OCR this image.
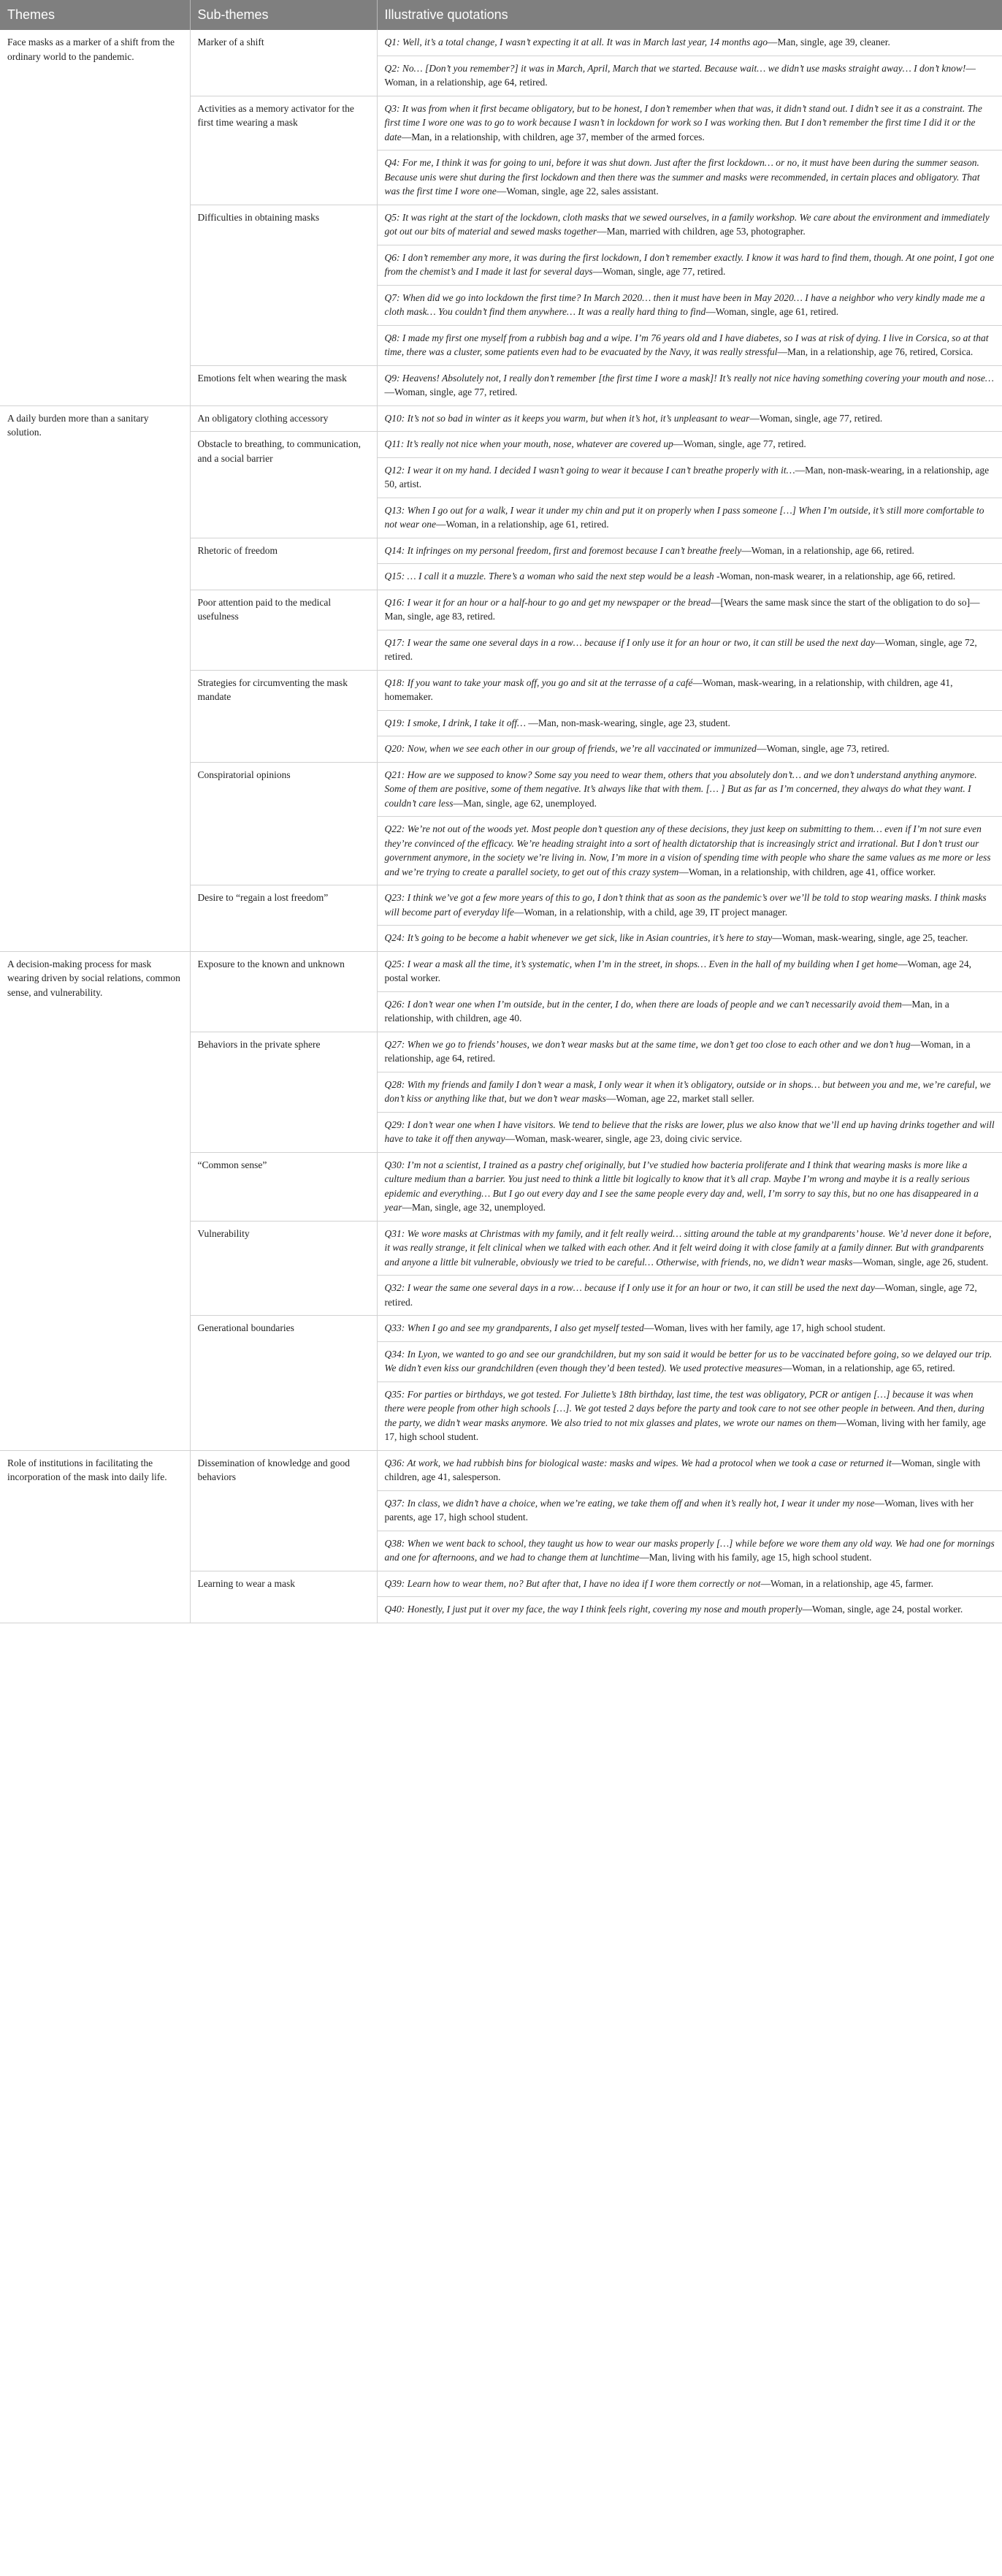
Themes	Sub-themes	Illustrative quotations
Face masks as a marker of a shift from the ordinary world to the pandemic.	Marker of a shift	Q1: Well, it’s a total change, I wasn’t expecting it at all. It was in March last year, 14 months ago—Man, single, age 39, cleaner.
		Q2: No… [Don’t you remember?] it was in March, April, March that we started. Because wait… we didn’t use masks straight away… I don’t know!—Woman, in a relationship, age 64, retired.
	Activities as a memory activator for the first time wearing a mask	Q3: It was from when it first became obligatory, but to be honest, I don’t remember when that was, it didn’t stand out. I didn’t see it as a constraint. The first time I wore one was to go to work because I wasn’t in lockdown for work so I was working then. But I don’t remember the first time I did it or the date—Man, in a relationship, with children, age 37, member of the armed forces.
		Q4: For me, I think it was for going to uni, before it was shut down. Just after the first lockdown… or no, it must have been during the summer season. Because unis were shut during the first lockdown and then there was the summer and masks were recommended, in certain places and obligatory. That was the first time I wore one—Woman, single, age 22, sales assistant.
	Difficulties in obtaining masks	Q5: It was right at the start of the lockdown, cloth masks that we sewed ourselves, in a family workshop. We care about the environment and immediately got out our bits of material and sewed masks together—Man, married with children, age 53, photographer.
		Q6: I don’t remember any more, it was during the first lockdown, I don’t remember exactly. I know it was hard to find them, though. At one point, I got one from the chemist’s and I made it last for several days—Woman, single, age 77, retired.
		Q7: When did we go into lockdown the first time? In March 2020… then it must have been in May 2020… I have a neighbor who very kindly made me a cloth mask… You couldn’t find them anywhere… It was a really hard thing to find—Woman, single, age 61, retired.
		Q8: I made my first one myself from a rubbish bag and a wipe. I’m 76 years old and I have diabetes, so I was at risk of dying. I live in Corsica, so at that time, there was a cluster, some patients even had to be evacuated by the Navy, it was really stressful—Man, in a relationship, age 76, retired, Corsica.
	Emotions felt when wearing the mask	Q9: Heavens! Absolutely not, I really don’t remember [the first time I wore a mask]! It’s really not nice having something covering your mouth and nose…—Woman, single, age 77, retired.
A daily burden more than a sanitary solution.	An obligatory clothing accessory	Q10: It’s not so bad in winter as it keeps you warm, but when it’s hot, it’s unpleasant to wear—Woman, single, age 77, retired.
	Obstacle to breathing, to communication, and a social barrier	Q11: It’s really not nice when your mouth, nose, whatever are covered up—Woman, single, age 77, retired.
		Q12: I wear it on my hand. I decided I wasn’t going to wear it because I can’t breathe properly with it…—Man, non-mask-wearing, in a relationship, age 50, artist.
		Q13: When I go out for a walk, I wear it under my chin and put it on properly when I pass someone […] When I’m outside, it’s still more comfortable to not wear one—Woman, in a relationship, age 61, retired.
	Rhetoric of freedom	Q14: It infringes on my personal freedom, first and foremost because I can’t breathe freely—Woman, in a relationship, age 66, retired.
		Q15: … I call it a muzzle. There’s a woman who said the next step would be a leash -Woman, non-mask wearer, in a relationship, age 66, retired.
	Poor attention paid to the medical usefulness	Q16: I wear it for an hour or a half-hour to go and get my newspaper or the bread—[Wears the same mask since the start of the obligation to do so]—Man, single, age 83, retired.
		Q17: I wear the same one several days in a row… because if I only use it for an hour or two, it can still be used the next day—Woman, single, age 72, retired.
	Strategies for circumventing the mask mandate	Q18: If you want to take your mask off, you go and sit at the terrasse of a café—Woman, mask-wearing, in a relationship, with children, age 41, homemaker.
		Q19: I smoke, I drink, I take it off… —Man, non-mask-wearing, single, age 23, student.
		Q20: Now, when we see each other in our group of friends, we’re all vaccinated or immunized—Woman, single, age 73, retired.
	Conspiratorial opinions	Q21: How are we supposed to know? Some say you need to wear them, others that you absolutely don’t… and we don’t understand anything anymore. Some of them are positive, some of them negative. It’s always like that with them. [… ] But as far as I’m concerned, they always do what they want. I couldn’t care less—Man, single, age 62, unemployed.
		Q22: We’re not out of the woods yet. Most people don’t question any of these decisions, they just keep on submitting to them… even if I’m not sure even they’re convinced of the efficacy. We’re heading straight into a sort of health dictatorship that is increasingly strict and irrational. But I don’t trust our government anymore, in the society we’re living in. Now, I’m more in a vision of spending time with people who share the same values as me more or less and we’re trying to create a parallel society, to get out of this crazy system—Woman, in a relationship, with children, age 41, office worker.
	Desire to “regain a lost freedom”	Q23: I think we’ve got a few more years of this to go, I don’t think that as soon as the pandemic’s over we’ll be told to stop wearing masks. I think masks will become part of everyday life—Woman, in a relationship, with a child, age 39, IT project manager.
		Q24: It’s going to be become a habit whenever we get sick, like in Asian countries, it’s here to stay—Woman, mask-wearing, single, age 25, teacher.
A decision-making process for mask wearing driven by social relations, common sense, and vulnerability.	Exposure to the known and unknown	Q25: I wear a mask all the time, it’s systematic, when I’m in the street, in shops… Even in the hall of my building when I get home—Woman, age 24, postal worker.
		Q26: I don’t wear one when I’m outside, but in the center, I do, when there are loads of people and we can’t necessarily avoid them—Man, in a relationship, with children, age 40.
	Behaviors in the private sphere	Q27: When we go to friends’ houses, we don’t wear masks but at the same time, we don’t get too close to each other and we don’t hug—Woman, in a relationship, age 64, retired.
		Q28: With my friends and family I don’t wear a mask, I only wear it when it’s obligatory, outside or in shops… but between you and me, we’re careful, we don’t kiss or anything like that, but we don’t wear masks—Woman, age 22, market stall seller.
		Q29: I don’t wear one when I have visitors. We tend to believe that the risks are lower, plus we also know that we’ll end up having drinks together and will have to take it off then anyway—Woman, mask-wearer, single, age 23, doing civic service.
	“Common sense”	Q30: I’m not a scientist, I trained as a pastry chef originally, but I’ve studied how bacteria proliferate and I think that wearing masks is more like a culture medium than a barrier. You just need to think a little bit logically to know that it’s all crap. Maybe I’m wrong and maybe it is a really serious epidemic and everything… But I go out every day and I see the same people every day and, well, I’m sorry to say this, but no one has disappeared in a year—Man, single, age 32, unemployed.
	Vulnerability	Q31: We wore masks at Christmas with my family, and it felt really weird… sitting around the table at my grandparents’ house. We’d never done it before, it was really strange, it felt clinical when we talked with each other. And it felt weird doing it with close family at a family dinner. But with grandparents and anyone a little bit vulnerable, obviously we tried to be careful… Otherwise, with friends, no, we didn’t wear masks—Woman, single, age 26, student.
		Q32: I wear the same one several days in a row… because if I only use it for an hour or two, it can still be used the next day—Woman, single, age 72, retired.
	Generational boundaries	Q33: When I go and see my grandparents, I also get myself tested—Woman, lives with her family, age 17, high school student.
		Q34: In Lyon, we wanted to go and see our grandchildren, but my son said it would be better for us to be vaccinated before going, so we delayed our trip. We didn’t even kiss our grandchildren (even though they’d been tested). We used protective measures—Woman, in a relationship, age 65, retired.
		Q35: For parties or birthdays, we got tested. For Juliette’s 18th birthday, last time, the test was obligatory, PCR or antigen […] because it was when there were people from other high schools […]. We got tested 2 days before the party and took care to not see other people in between. And then, during the party, we didn’t wear masks anymore. We also tried to not mix glasses and plates, we wrote our names on them—Woman, living with her family, age 17, high school student.
Role of institutions in facilitating the incorporation of the mask into daily life.	Dissemination of knowledge and good behaviors	Q36: At work, we had rubbish bins for biological waste: masks and wipes. We had a protocol when we took a case or returned it—Woman, single with children, age 41, salesperson.
		Q37: In class, we didn’t have a choice, when we’re eating, we take them off and when it’s really hot, I wear it under my nose—Woman, lives with her parents, age 17, high school student.
		Q38: When we went back to school, they taught us how to wear our masks properly […] while before we wore them any old way. We had one for mornings and one for afternoons, and we had to change them at lunchtime—Man, living with his family, age 15, high school student.
	Learning to wear a mask	Q39: Learn how to wear them, no? But after that, I have no idea if I wore them correctly or not—Woman, in a relationship, age 45, farmer.
		Q40: Honestly, I just put it over my face, the way I think feels right, covering my nose and mouth properly—Woman, single, age 24, postal worker.
